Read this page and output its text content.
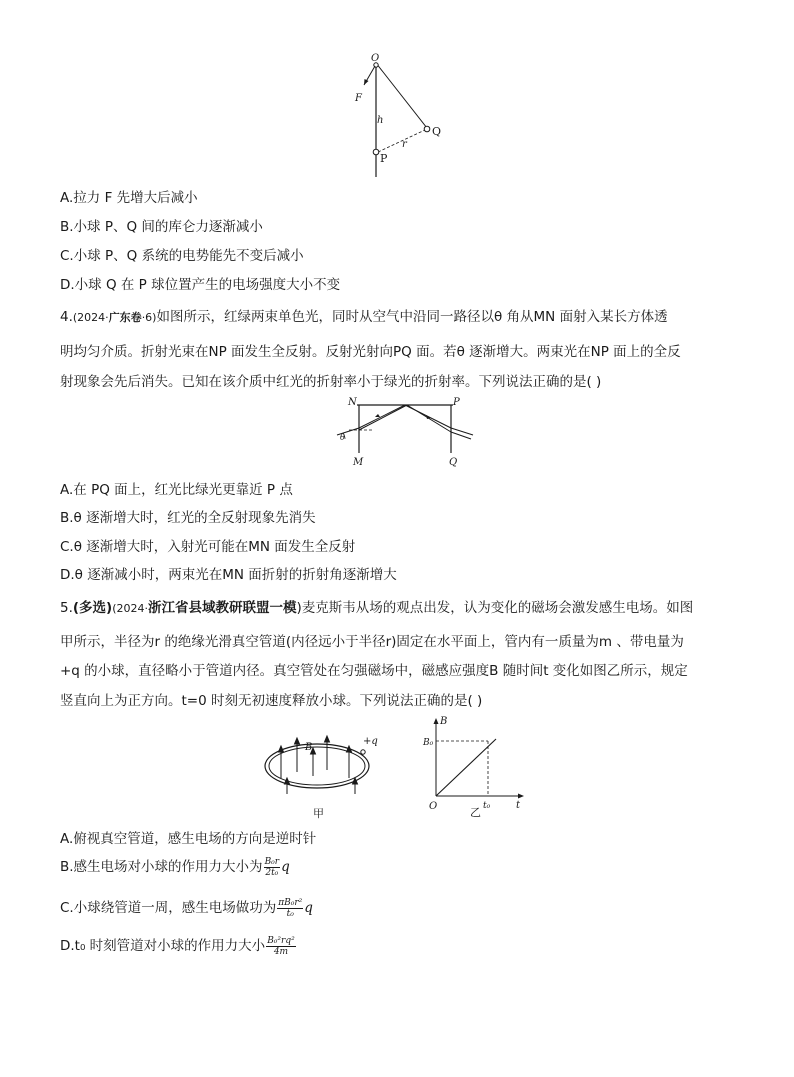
O
F
h
r
Q
P
A.拉力 F 先增大后减小
B.小球 P、Q 间的库仑力逐渐减小
C.小球 P、Q 系统的电势能先不变后减小
D.小球 Q 在 P 球位置产生的电场强度大小不变
4.(2024·广东卷·6)如图所示，红绿两束单色光，同时从空气中沿同一路径以θ 角从MN 面射入某长方体透
明均匀介质。折射光束在NP 面发生全反射。反射光射向PQ 面。若θ 逐渐增大。两束光在NP 面上的全反
射现象会先后消失。已知在该介质中红光的折射率小于绿光的折射率。下列说法正确的是( )
N	P
M	Q
θ
A.在 PQ 面上，红光比绿光更靠近 P 点
B.θ 逐渐增大时，红光的全反射现象先消失
C.θ 逐渐增大时，入射光可能在MN 面发生全反射
D.θ 逐渐减小时，两束光在MN 面折射的折射角逐渐增大
5.(多选)(2024·浙江省县域教研联盟一模)麦克斯韦从场的观点出发，认为变化的磁场会激发感生电场。如图
甲所示，半径为r 的绝缘光滑真空管道(内径远小于半径r)固定在水平面上，管内有一质量为m 、带电量为
+q 的小球，直径略小于管道内径。真空管处在匀强磁场中，磁感应强度B 随时间t 变化如图乙所示，规定
竖直向上为正方向。t=0 时刻无初速度释放小球。下列说法正确的是( )
B
+q
甲
B
B₀
O	t₀	t
乙
A.俯视真空管道，感生电场的方向是逆时针
B.感生电场对小球的作用力大小为 $\frac{\text{B₀r}}{\text{2t₀}}$ q
C.小球绕管道一周，感生电场做功为 $\frac{\text{πB₀r²}}{\text{t₀}}$ q
D.t₀ 时刻管道对小球的作用力大小 $\frac{\text{B₀²rq²}}{4m}$
